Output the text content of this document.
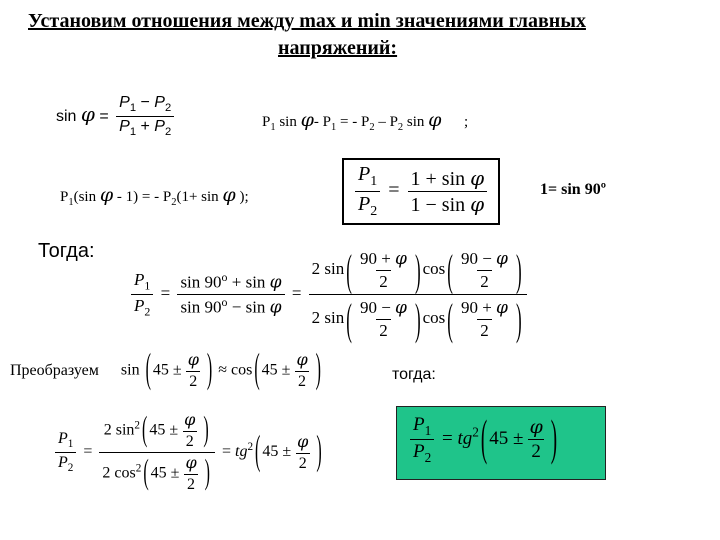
Установим отношения между max и min значениями главных
напряжений:
$\sin \varphi = \frac{P_1 - P_2}{P_1 + P_2}$	$P_1$ sin φ- $P_1$ = - $P_2 - P_2$ sin φ      ;
$P_1(\sin$ φ - 1) = - $P_2(1+ \sin \varphi$ );	$\frac{P_1}{P_2} = \frac{\text{1 + sin φ}}{\text{1 − sin φ}}$	1= sin 90º
Тогда:
$\frac{P_1}{P_2} = \frac{\sin 90^o + \sin \varphi}{\sin 90^o - \sin \varphi} = \frac{2 \sin ( \frac{90 + \varphi}{2} ) \cos ( \frac{90 - \varphi}{2} )}{2 \sin ( \frac{90 - \varphi}{2} ) \cos ( \frac{90 + \varphi}{2} )}$
Преобразуем sin ( $45 \pm \frac{\varphi}{2}$ ) ≈ cos ( $45 \pm \frac{\varphi}{2}$ )	тогда:
$\frac{P_1}{P_2} = \frac{2 \sin^2 ( 45 \pm \frac{\varphi}{2} )}{2 \cos^2 ( 45 \pm \frac{\varphi}{2} )} = tg^2$ ( $45 \pm \frac{\varphi}{2}$ )	$\frac{P_1}{P_2} = tg^2$ ( $45 \pm \frac{\varphi}{2}$ )
